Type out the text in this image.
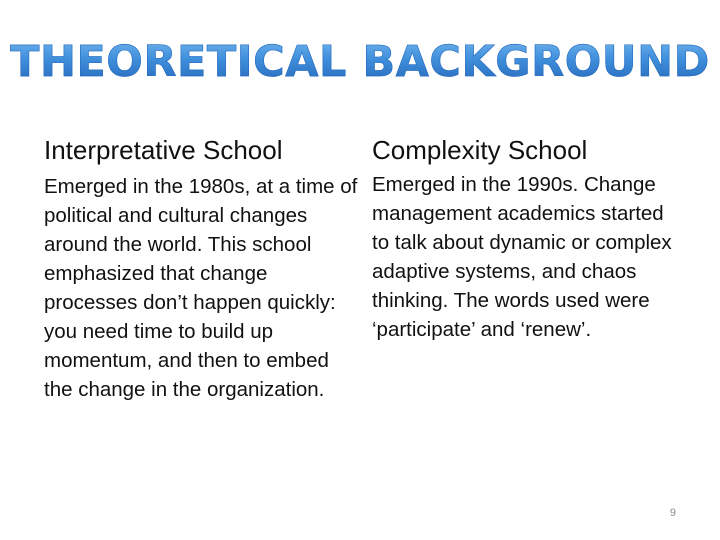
THEORETICAL BACKGROUND
Interpretative School

Emerged in the 1980s, at a time of political and cultural changes around the world. This school emphasized that change processes don’t happen quickly: you need time to build up momentum, and then to embed the change in the organization.

Complexity School

Emerged in the 1990s. Change management academics started to talk about dynamic or complex adaptive systems, and chaos thinking. The words used were ‘participate’ and ‘renew’.

9
